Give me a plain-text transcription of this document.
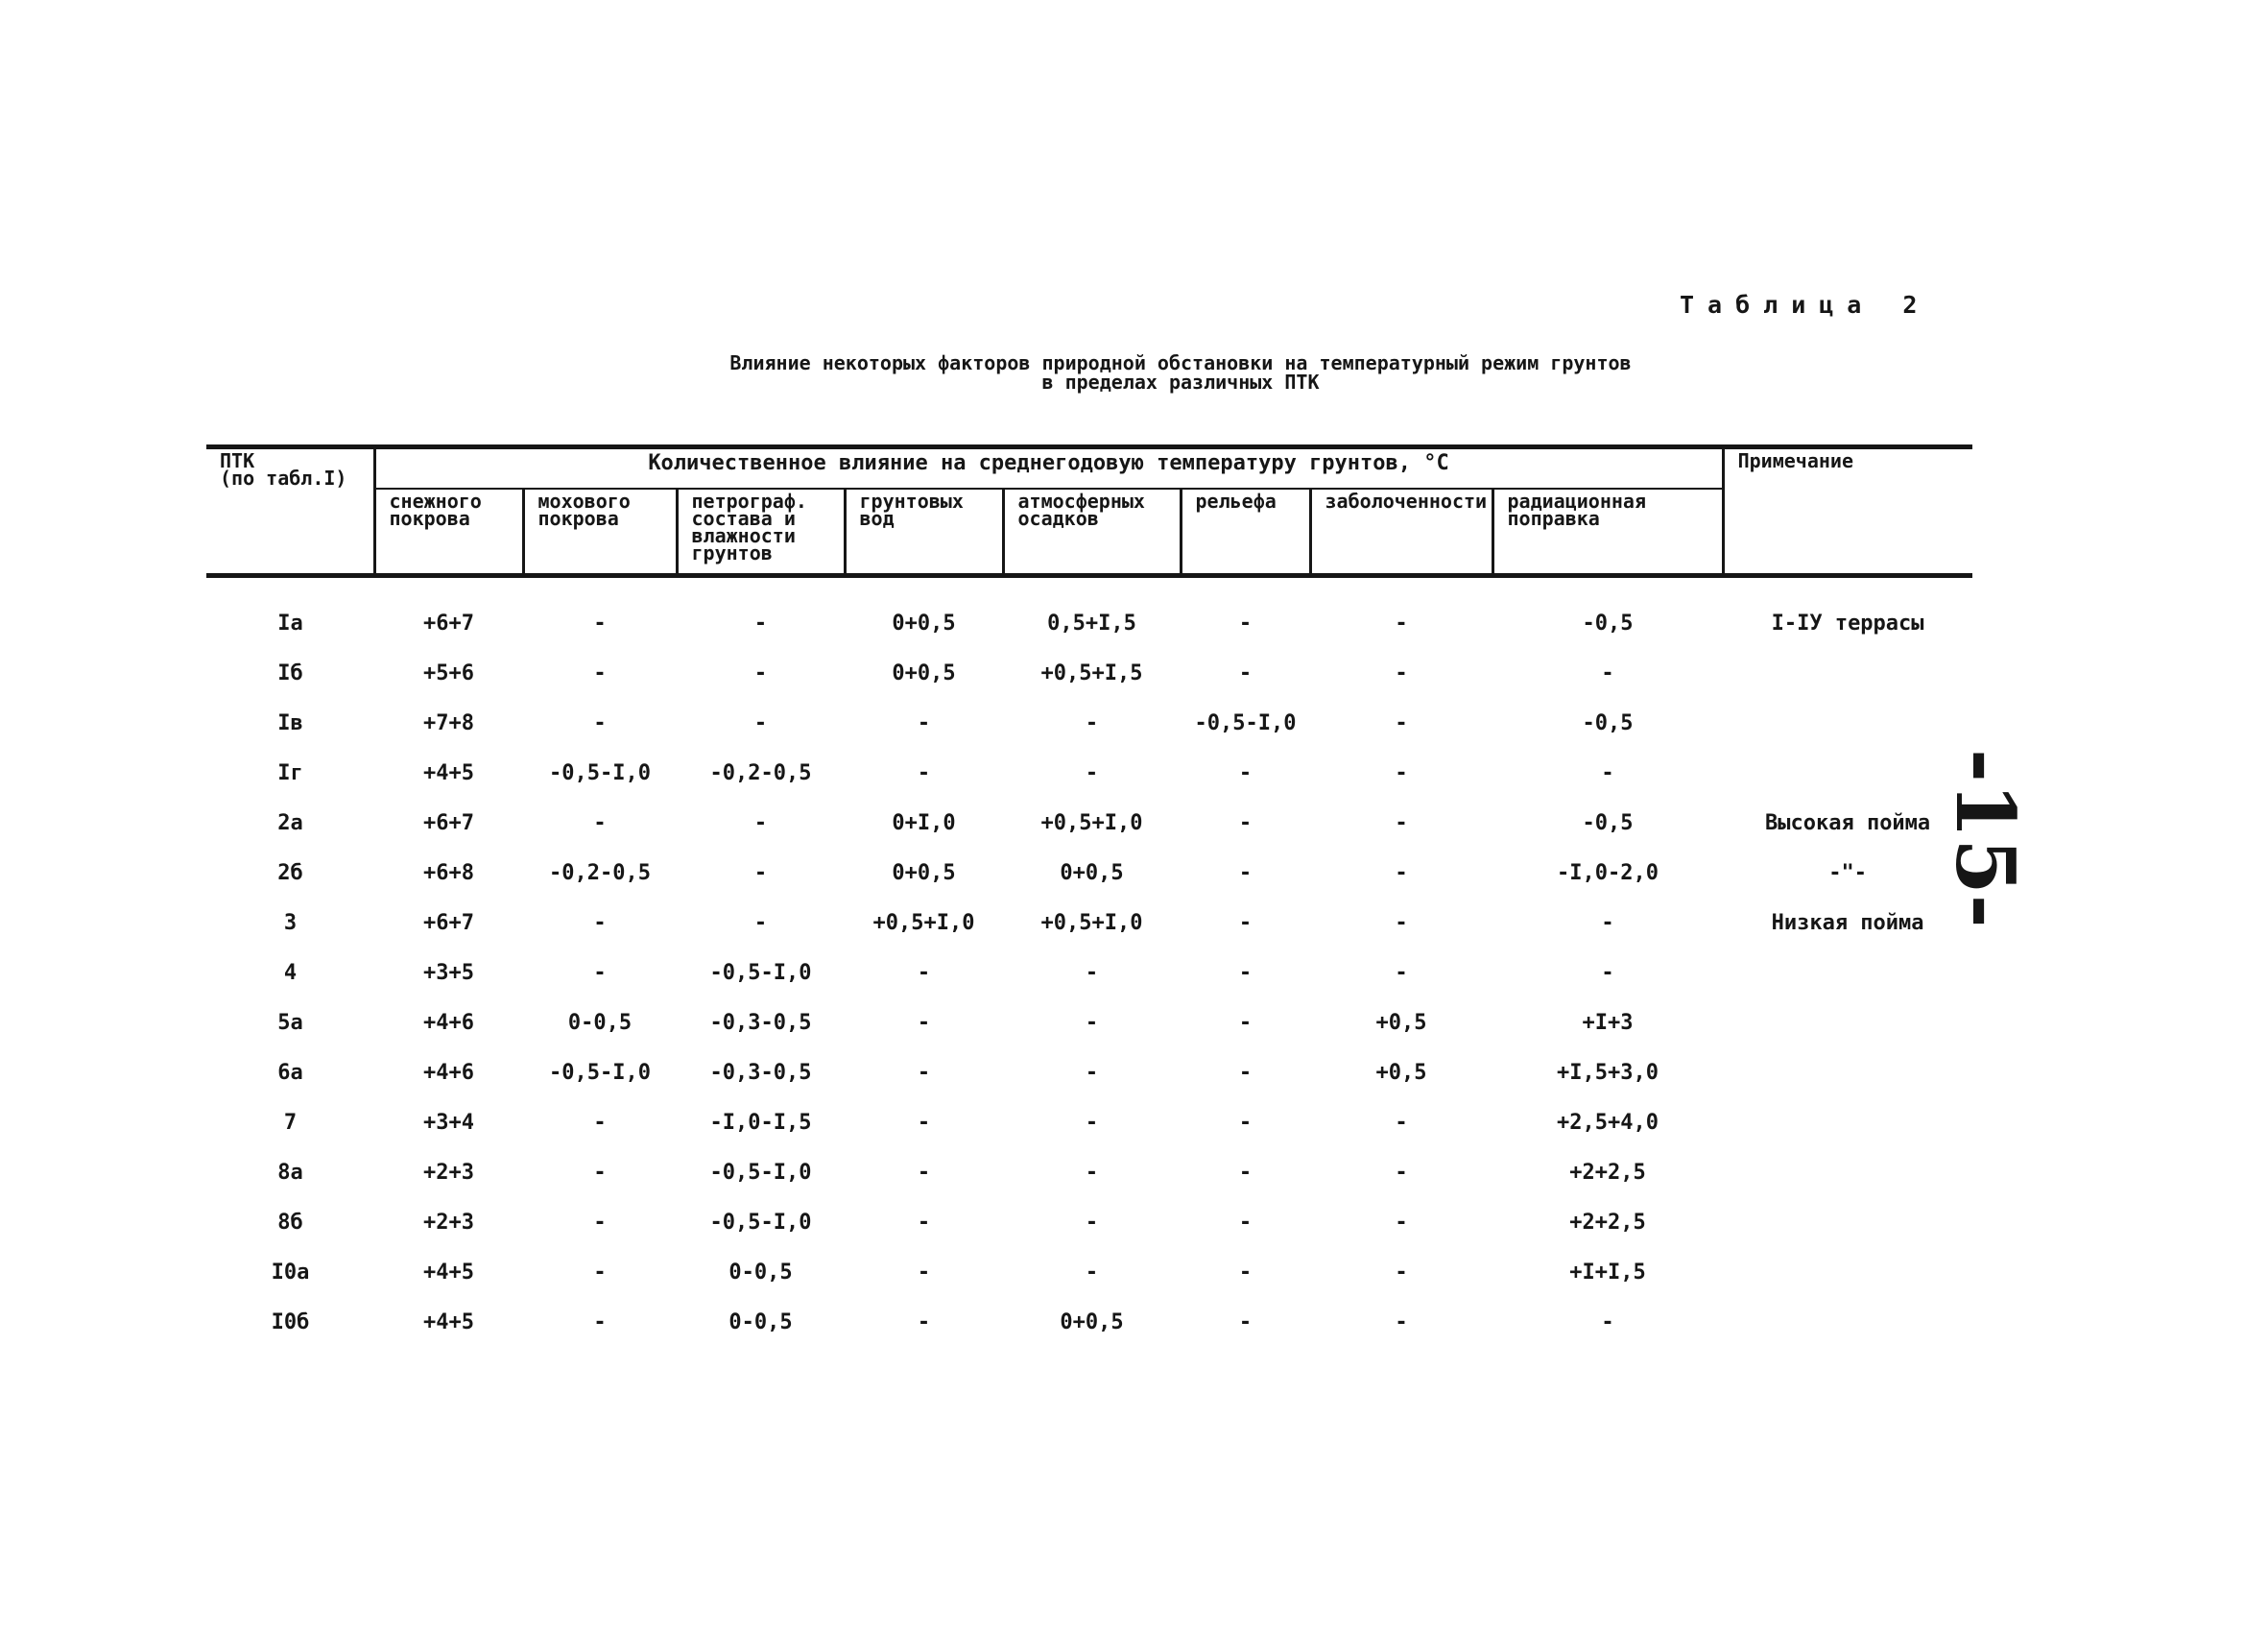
Таблица 2
Влияние некоторых факторов природной обстановки на температурный режим грунтов
в пределах различных ПТК
-15-
ПТК
(по табл.I)	Количественное влияние на среднегодовую температуру грунтов, °С								Примечание
	снежного покрова	мохового покрова	петрограф. состава и влажности грунтов	грунтовых вод	атмосферных осадков	рельефа	заболоченности	радиационная поправка	

Iа	+6+7	-	-	0+0,5	0,5+I,5	-	-	-0,5	I-IУ террасы
Iб	+5+6	-	-	0+0,5	+0,5+I,5	-	-	-	
Iв	+7+8	-	-	-	-	-0,5-I,0	-	-0,5	
Iг	+4+5	-0,5-I,0	-0,2-0,5	-	-	-	-	-	
2а	+6+7	-	-	0+I,0	+0,5+I,0	-	-	-0,5	Высокая пойма
2б	+6+8	-0,2-0,5	-	0+0,5	0+0,5	-	-	-I,0-2,0	-"-
3	+6+7	-	-	+0,5+I,0	+0,5+I,0	-	-	-	Низкая пойма
4	+3+5	-	-0,5-I,0	-	-	-	-	-	
5а	+4+6	0-0,5	-0,3-0,5	-	-	-	+0,5	+I+3	
6а	+4+6	-0,5-I,0	-0,3-0,5	-	-	-	+0,5	+I,5+3,0	
7	+3+4	-	-I,0-I,5	-	-	-	-	+2,5+4,0	
8а	+2+3	-	-0,5-I,0	-	-	-	-	+2+2,5	
8б	+2+3	-	-0,5-I,0	-	-	-	-	+2+2,5	
I0а	+4+5	-	0-0,5	-	-	-	-	+I+I,5	
I0б	+4+5	-	0-0,5	-	0+0,5	-	-	-	
